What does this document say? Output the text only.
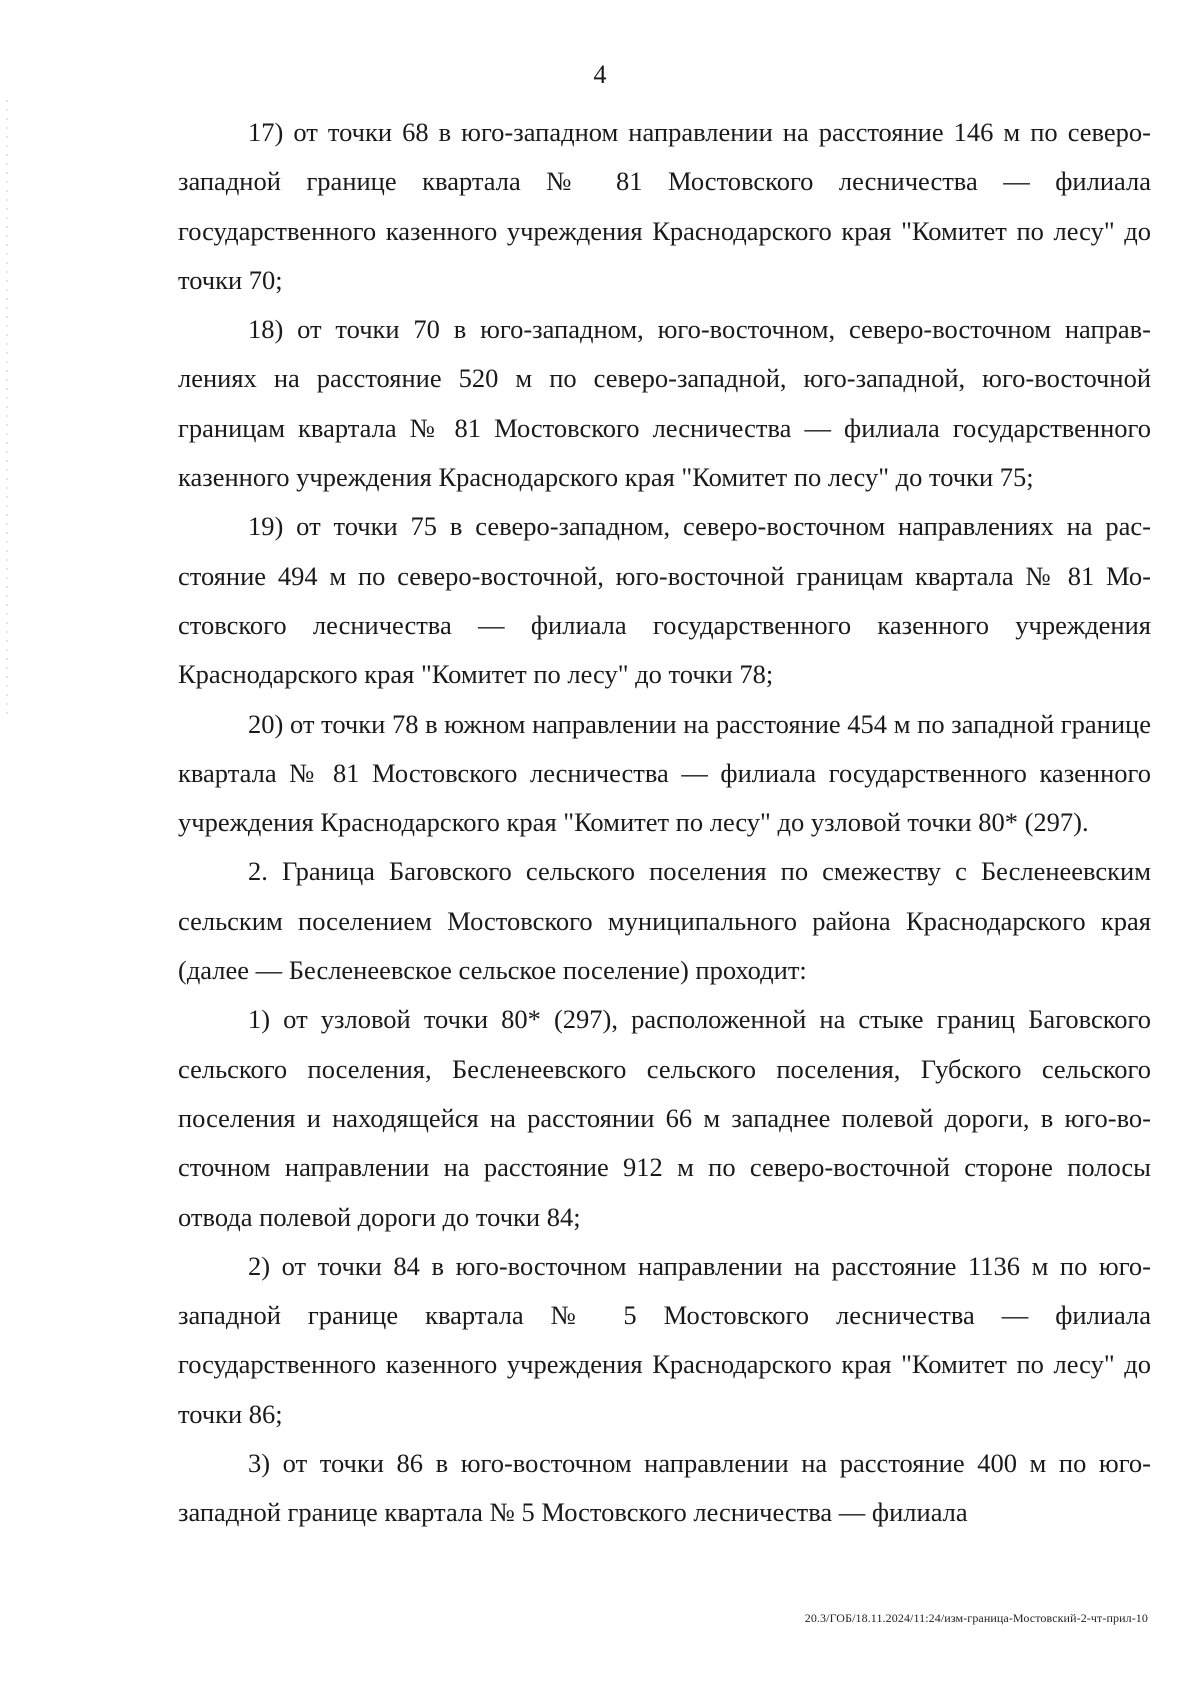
4

17) от точки 68 в юго-западном направлении на расстояние 146 м по северо-западной границе квартала № 81 Мостовского лесничества — филиала государственного казенного учреждения Краснодарского края "Комитет по лесу" до точки 70;

18) от точки 70 в юго-западном, юго-восточном, северо-восточном направлениях на расстояние 520 м по северо-западной, юго-западной, юго-восточной границам квартала № 81 Мостовского лесничества — филиала государственного казенного учреждения Краснодарского края "Комитет по лесу" до точки 75;

19) от точки 75 в северо-западном, северо-восточном направлениях на расстояние 494 м по северо-восточной, юго-восточной границам квартала № 81 Мостовского лесничества — филиала государственного казенного учреждения Краснодарского края "Комитет по лесу" до точки 78;

20) от точки 78 в южном направлении на расстояние 454 м по западной границе квартала № 81 Мостовского лесничества — филиала государственного казенного учреждения Краснодарского края "Комитет по лесу" до узловой точки 80* (297).

2. Граница Баговского сельского поселения по смежеству с Бесленеевским сельским поселением Мостовского муниципального района Краснодарского края (далее — Бесленеевское сельское поселение) проходит:

1) от узловой точки 80* (297), расположенной на стыке границ Баговского сельского поселения, Бесленеевского сельского поселения, Губского сельского поселения и находящейся на расстоянии 66 м западнее полевой дороги, в юго-восточном направлении на расстояние 912 м по северо-восточной стороне полосы отвода полевой дороги до точки 84;

2) от точки 84 в юго-восточном направлении на расстояние 1136 м по юго-западной границе квартала № 5 Мостовского лесничества — филиала государственного казенного учреждения Краснодарского края "Комитет по лесу" до точки 86;

3) от точки 86 в юго-восточном направлении на расстояние 400 м по юго-западной границе квартала № 5 Мостовского лесничества — филиала

20.3/ГОБ/18.11.2024/11:24/изм-граница-Мостовский-2-чт-прил-10
